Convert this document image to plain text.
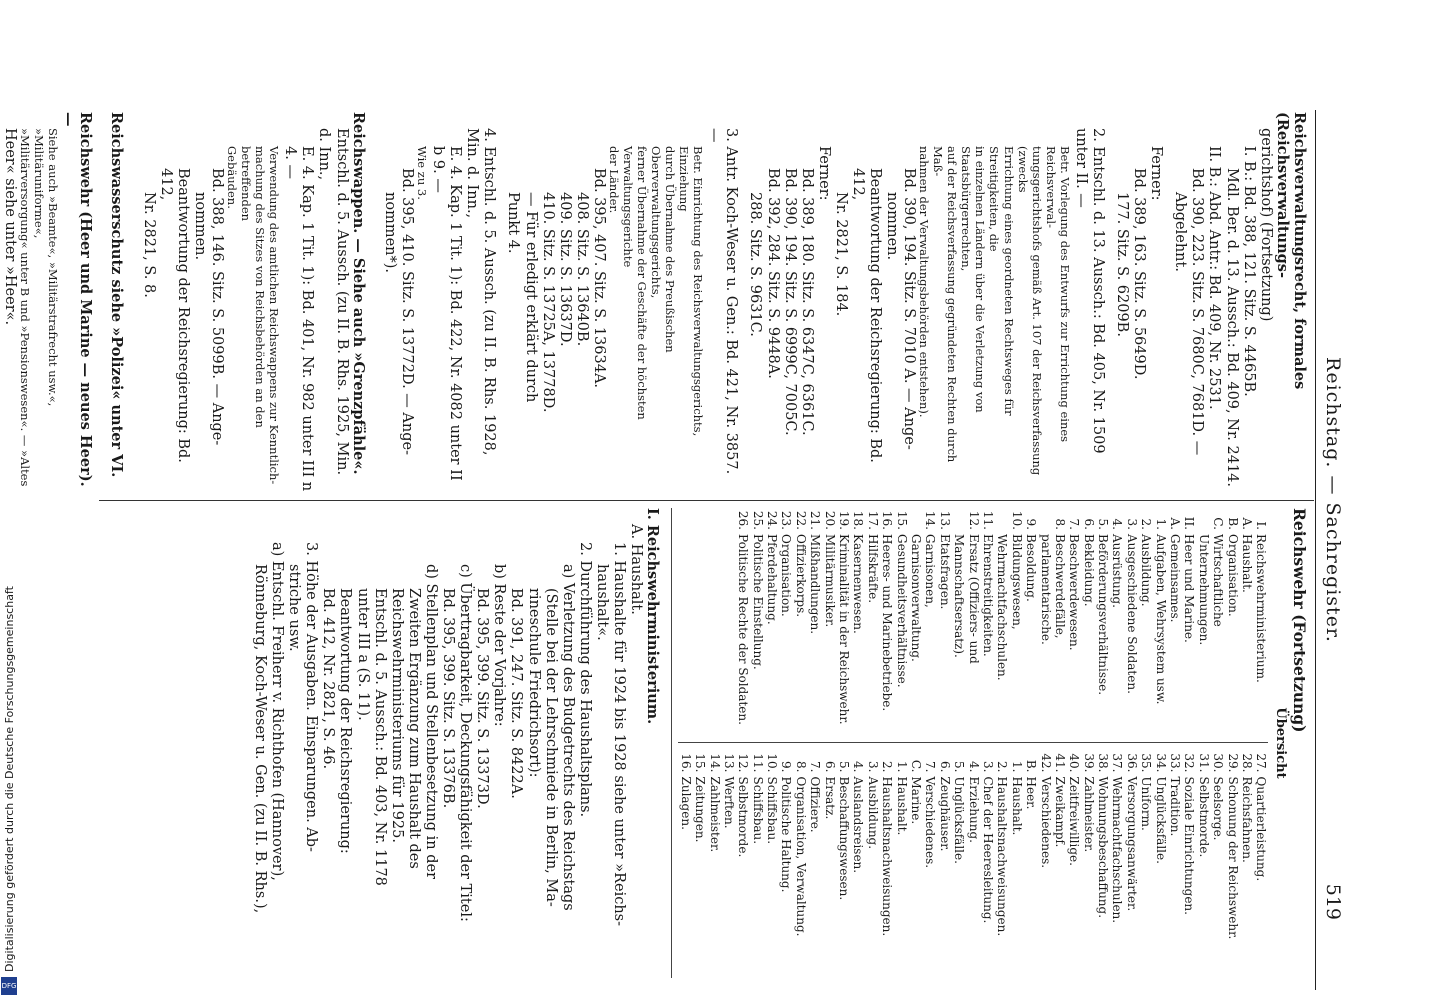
Reichstag. — Sachregister.
519
Reichsverwaltungsrecht, formales (Reichsverwaltungs-
gerichtshof) (Fortsetzung)
I. B.: Bd. 388, 121. Sitz. S. 4465B.
Mdl. Ber. d. 13. Aussch.: Bd. 409, Nr. 2414.
II. B.: Abd. Antr.: Bd. 409, Nr. 2531.
Bd. 390, 223. Sitz. S. 7680C, 7681D. —
Abgelehnt.
Ferner:
Bd. 389, 163. Sitz. S. 5649D.
177. Sitz. S. 6209B.
2. Entschl. d. 13. Aussch.: Bd. 405, Nr. 1509 unter II. —
Betr. Vorlegung des Entwurfs zur Errichtung eines Reichsverwal-
tungsgerichtshofs gemäß Art. 107 der Reichsverfassung (zwecks
Errichtung eines geordneten Rechtsweges für Streitigkeiten, die
in einzelnen Ländern über die Verletzung von Staatsbürgerrechten,
auf der Reichsverfassung gegründeten Rechten durch Maß-
nahmen der Verwaltungsbehörden entstehen).
Bd. 390, 194. Sitz. S. 7010 A. — Ange-
nommen.
Beantwortung der Reichsregierung: Bd. 412,
Nr. 2821, S. 184.
Ferner:
Bd. 389, 180. Sitz. S. 6347C, 6361C.
Bd. 390, 194. Sitz. S. 6999C, 7005C.
Bd. 392, 284. Sitz. S. 9448A.
288. Sitz. S. 9631C.
3. Antr. Koch-Weser u. Gen.: Bd. 421, Nr. 3857. —
Betr. Einrichtung des Reichsverwaltungsgerichts, Einziehung
durch Übernahme des Preußischen Oberverwaltungsgerichts,
ferner Übernahme der Geschäfte der höchsten Verwaltungsgerichte
der Länder.
Bd. 395, 407. Sitz. S. 13634A.
408. Sitz. S. 13640B.
409. Sitz. S. 13637D.
410. Sitz. S. 13725A, 13778D.
— Für erledigt erklärt durch
Punkt 4.
4. Entschl. d. 5. Aussch. (zu II. B. Rhs. 1928, Min. d. Inn.,
E. 4. Kap. 1 Tit. 1): Bd. 422, Nr. 4082 unter II b 9. —
Wie zu 3.
Bd. 395, 410. Sitz. S. 13772D. — Ange-
nommen*).
Reichswappen. — Siehe auch »Grenzpfähle«.
Entschl. d. 5. Aussch. (zu II. B. Rhs. 1925, Min. d. Inn.,
E. 4. Kap. 1 Tit. 1): Bd. 401, Nr. 982 unter III n 4. —
Verwendung des amtlichen Reichswappens zur Kenntlich-
machung des Sitzes von Reichsbehörden an den betreffenden
Gebäuden.
Bd. 388, 146. Sitz. S. 5099B. — Ange-
nommen.
Beantwortung der Reichsregierung: Bd. 412,
Nr. 2821, S. 8.
Reichswasserschutz siehe »Polizei« unter VI.
Reichswehr (Heer und Marine — neues Heer). —
Siehe auch »Beamte«, »Militärstrafrecht usw.«, »Militäruniforme«,
»Militärversorgung« unter B und »Pensionswesen«. — »Altes
Heer« siehe unter »Heer«.
Reichswehr (Fortsetzung)
Übersicht
I.
Reichswehrministerium.
A.
Haushalt.
B.
Organisation.
C.
Wirtschaftliche Unternehmungen.
II.
Heer und Marine.
A.
Gemeinsames.
1.
Aufgaben, Wehrsystem usw.
2.
Ausbildung.
3.
Ausgeschiedene Soldaten.
4.
Ausrüstung.
5.
Beförderungsverhältnisse.
6.
Bekleidung.
7.
Beschwerdewesen.
8.
Beschwerdefälle, parlamentarische.
9.
Besoldung.
10.
Bildungswesen, Wehrmachtfachschulen.
11.
Ehrenstreitigkeiten.
12.
Ersatz (Offiziers- und Mannschaftsersatz).
13.
Etatsfragen.
14.
Garnisonen, Garnisonverwaltung.
15.
Gesundheitsverhältnisse.
16.
Heeres- und Marinebetriebe.
17.
Hilfskräfte.
18.
Kasernenwesen.
19.
Kriminalität in der Reichswehr.
20.
Militärmusiker.
21.
Mißhandlungen.
22.
Offizierkorps.
23.
Organisation.
24.
Pferdehaltung.
25.
Politische Einstellung.
26.
Politische Rechte der Soldaten.
27.
Quartierleistung.
28.
Reichsfahnen.
29.
Schonung der Reichswehr.
30.
Seelsorge.
31.
Selbstmorde.
32.
Soziale Einrichtungen.
33.
Tradition.
34.
Unglücksfälle.
35.
Uniform.
36.
Versorgungsanwärter.
37.
Wehrmachtfachschulen.
38.
Wohnungsbeschaffung.
39.
Zahlmeister.
40.
Zeitfreiwillige.
41.
Zweikampf.
42.
Verschiedenes.
B.
Heer.
1.
Haushalt.
2.
Haushaltsnachweisungen.
3.
Chef der Heeresleitung.
4.
Erziehung.
5.
Unglücksfälle.
6.
Zeughäuser.
7.
Verschiedenes.
C.
Marine.
1.
Haushalt.
2.
Haushaltsnachweisungen.
3.
Ausbildung.
4.
Auslandsreisen.
5.
Beschaffungswesen.
6.
Ersatz.
7.
Offiziere.
8.
Organisation, Verwaltung.
9.
Politische Haltung.
10.
Schiffsbau.
11.
Schiffsbau.
12.
Selbstmorde.
13.
Werften.
14.
Zahlmeister.
15.
Zeitungen.
16.
Zulagen.
I. Reichswehrministerium.
A. Haushalt.
1. Haushalte für 1924 bis 1928 siehe unter »Reichs-
haushalt«.
2. Durchführung des Haushaltsplans.
a) Verletzung des Budgetrechts des Reichstags
(Stelle bei der Lehrschmiede in Berlin, Ma-
rineschule Friedrichsort):
Bd. 391, 247. Sitz. S. 8422A.
b) Reste der Vorjahre:
Bd. 395, 399. Sitz. S. 13373D.
c) Übertragbarkeit, Deckungsfähigkeit der Titel:
Bd. 395, 399. Sitz. S. 13376B.
d) Stellenplan und Stellenbesetzung in der
Zweiten Ergänzung zum Haushalt des
Reichswehrministeriums für 1925.
Entschl. d. 5. Aussch.: Bd. 403, Nr. 1178
unter III a (S. 11).
Beantwortung der Reichsregierung:
Bd. 412, Nr. 2821, S. 46.
3. Höhe der Ausgaben. Einsparungen. Ab-
striche usw.
a) Entschl. Freiherr v. Richthofen (Hannover),
Rönneburg, Koch-Weser u. Gen. (zu II. B. Rhs.),
Digitalisierung gefördert durch die Deutsche Forschungsgemeinschaft
DFG
